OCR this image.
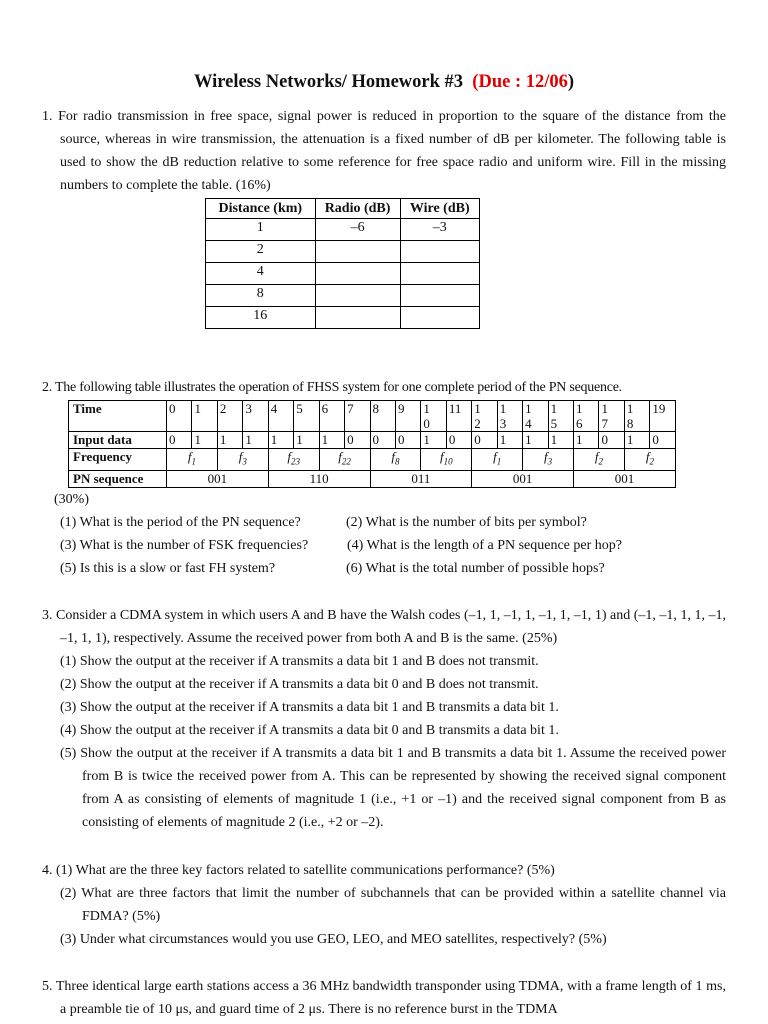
Wireless Networks/ Homework #3 (Due : 12/06)

1. For radio transmission in free space, signal power is reduced in proportion to the square of the distance from the source, whereas in wire transmission, the attenuation is a fixed number of dB per kilometer. The following table is used to show the dB reduction relative to some reference for free space radio and uniform wire. Fill in the missing numbers to complete the table. (16%)

Distance (km)	Radio (dB)	Wire (dB)
1	–6	–3
2		
4		
8		
16		

2. The following table illustrates the operation of FHSS system for one complete period of the PN sequence.

Time	0	1	2	3	4	5	6	7	8	9	1 0	11	1 2	1 3	1 4	1 5	1 6	1 7	1 8	19
Input data	0	1	1	1	1	1	1	0	0	0	1	0	0	1	1	1	1	0	1	0
Frequency	$f_1$		$f_3$		$f_{23}$		$f_{22}$		$f_8$		$f_{10}$		$f_1$		$f_3$		$f_2$		$f_2$
PN sequence	001				110				011				001				001			

(30%)

(1) What is the period of the PN sequence?	(2) What is the number of bits per symbol?
(3) What is the number of FSK frequencies?	(4) What is the length of a PN sequence per hop?
(5) Is this is a slow or fast FH system?	(6) What is the total number of possible hops?

3. Consider a CDMA system in which users A and B have the Walsh codes (–1, 1, –1, 1, –1, 1, –1, 1) and (–1, –1, 1, 1, –1, –1, 1, 1), respectively. Assume the received power from both A and B is the same. (25%)

(1) Show the output at the receiver if A transmits a data bit 1 and B does not transmit.

(2) Show the output at the receiver if A transmits a data bit 0 and B does not transmit.

(3) Show the output at the receiver if A transmits a data bit 1 and B transmits a data bit 1.

(4) Show the output at the receiver if A transmits a data bit 0 and B transmits a data bit 1.

(5) Show the output at the receiver if A transmits a data bit 1 and B transmits a data bit 1. Assume the received power from B is twice the received power from A. This can be represented by showing the received signal component from A as consisting of elements of magnitude 1 (i.e., +1 or –1) and the received signal component from B as consisting of elements of magnitude 2 (i.e., +2 or –2).

4. (1) What are the three key factors related to satellite communications performance? (5%)

(2) What are three factors that limit the number of subchannels that can be provided within a satellite channel via FDMA? (5%)

(3) Under what circumstances would you use GEO, LEO, and MEO satellites, respectively? (5%)

5. Three identical large earth stations access a 36 MHz bandwidth transponder using TDMA, with a frame length of 1 ms, a preamble tie of 10 μs, and guard time of 2 μs. There is no reference burst in the TDMA
